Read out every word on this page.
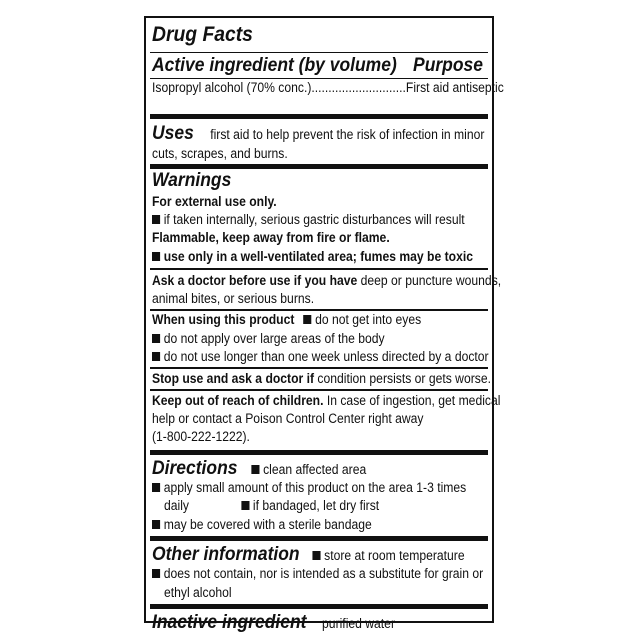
Drug Facts
Active ingredient (by volume) Purpose
Isopropyl alcohol (70% conc.)............................First aid antiseptic
Uses first aid to help prevent the risk of infection in minor
cuts, scrapes, and burns.
Warnings
For external use only.
if taken internally, serious gastric disturbances will result
Flammable, keep away from fire or flame.
use only in a well-ventilated area; fumes may be toxic
Ask a doctor before use if you have deep or puncture wounds,
animal bites, or serious burns.
When using this product do not get into eyes
do not apply over large areas of the body
do not use longer than one week unless directed by a doctor
Stop use and ask a doctor if condition persists or gets worse.
Keep out of reach of children. In case of ingestion, get medical
help or contact a Poison Control Center right away
(1-800-222-1222).
Directions clean affected area
apply small amount of this product on the area 1-3 times
daily	if bandaged, let dry first
may be covered with a sterile bandage
Other information store at room temperature
does not contain, nor is intended as a substitute for grain or
ethyl alcohol
Inactive ingredient purified water
